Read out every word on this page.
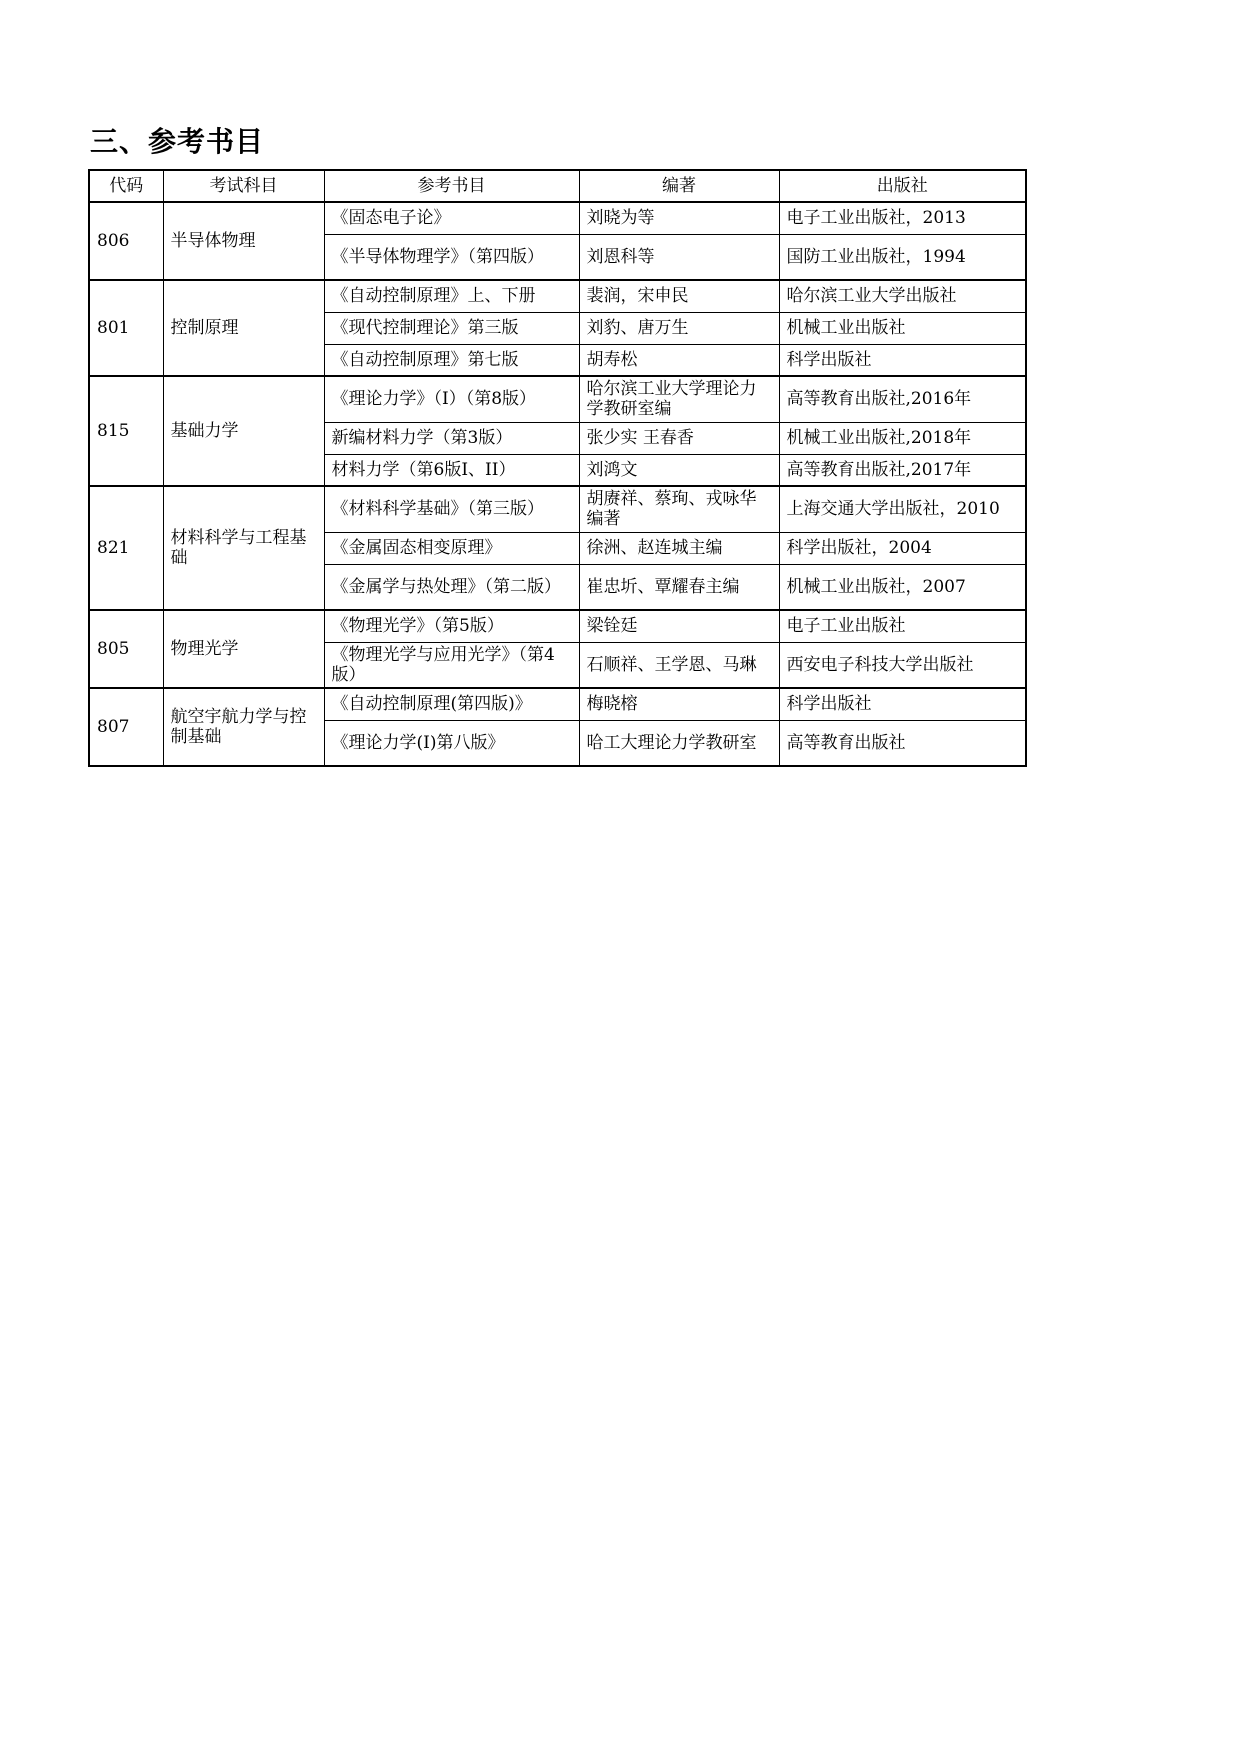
三、参考书目
代码	考试科目	参考书目	编著	出版社
806	半导体物理	《固态电子论》	刘晓为等	电子工业出版社，2013
		《半导体物理学》（第四版）	刘恩科等	国防工业出版社，1994
801	控制原理	《自动控制原理》上、下册	裴润，宋申民	哈尔滨工业大学出版社
		《现代控制理论》第三版	刘豹、唐万生	机械工业出版社
		《自动控制原理》第七版	胡寿松	科学出版社
815	基础力学	《理论力学》（I）（第8版）	哈尔滨工业大学理论力学教研室编	高等教育出版社,2016年
		新编材料力学（第3版）	张少实 王春香	机械工业出版社,2018年
		材料力学（第6版I、II）	刘鸿文	高等教育出版社,2017年
821	材料科学与工程基础	《材料科学基础》（第三版）	胡赓祥、蔡珣、戎咏华编著	上海交通大学出版社，2010
		《金属固态相变原理》	徐洲、赵连城主编	科学出版社，2004
		《金属学与热处理》（第二版）	崔忠圻、覃耀春主编	机械工业出版社，2007
805	物理光学	《物理光学》（第5版）	梁铨廷	电子工业出版社
		《物理光学与应用光学》（第4版）	石顺祥、王学恩、马琳	西安电子科技大学出版社
807	航空宇航力学与控制基础	《自动控制原理(第四版)》	梅晓榕	科学出版社
		《理论力学(Ⅰ)第八版》	哈工大理论力学教研室	高等教育出版社
